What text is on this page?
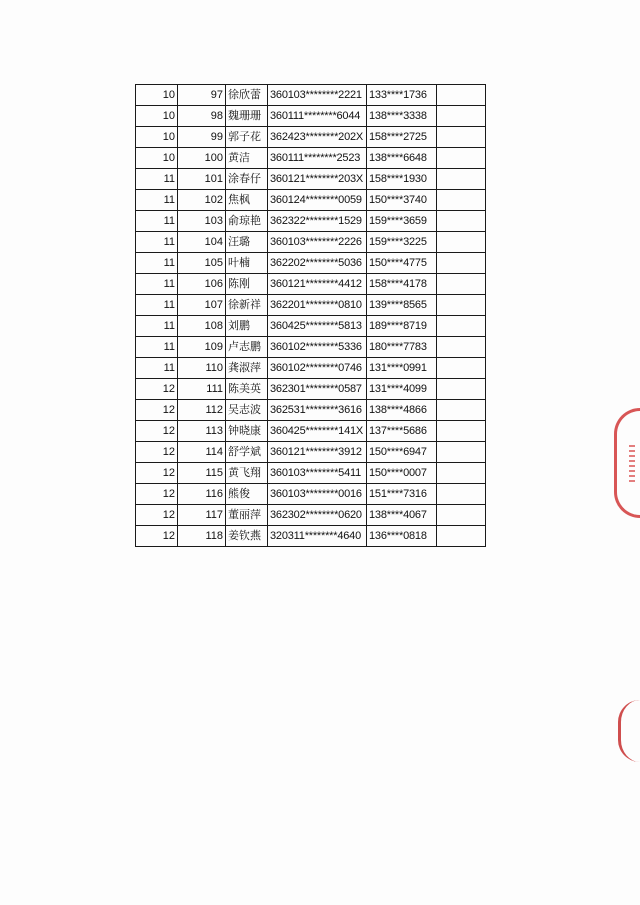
10	97	徐欣蕾	360103********2221	133****1736	
10	98	魏珊珊	360111********6044	138****3338	
10	99	郭子花	362423********202X	158****2725	
10	100	黄洁	360111********2523	138****6648	
11	101	涂春仔	360121********203X	158****1930	
11	102	焦枫	360124********0059	150****3740	
11	103	俞琼艳	362322********1529	159****3659	
11	104	汪璐	360103********2226	159****3225	
11	105	叶楠	362202********5036	150****4775	
11	106	陈刚	360121********4412	158****4178	
11	107	徐新祥	362201********0810	139****8565	
11	108	刘鹏	360425********5813	189****8719	
11	109	卢志鹏	360102********5336	180****7783	
11	110	龚淑萍	360102********0746	131****0991	
12	111	陈美英	362301********0587	131****4099	
12	112	吴志波	362531********3616	138****4866	
12	113	钟晓康	360425********141X	137****5686	
12	114	舒学斌	360121********3912	150****6947	
12	115	黄飞翔	360103********5411	150****0007	
12	116	熊俊	360103********0016	151****7316	
12	117	董丽萍	362302********0620	138****4067	
12	118	姜钦燕	320311********4640	136****0818	
